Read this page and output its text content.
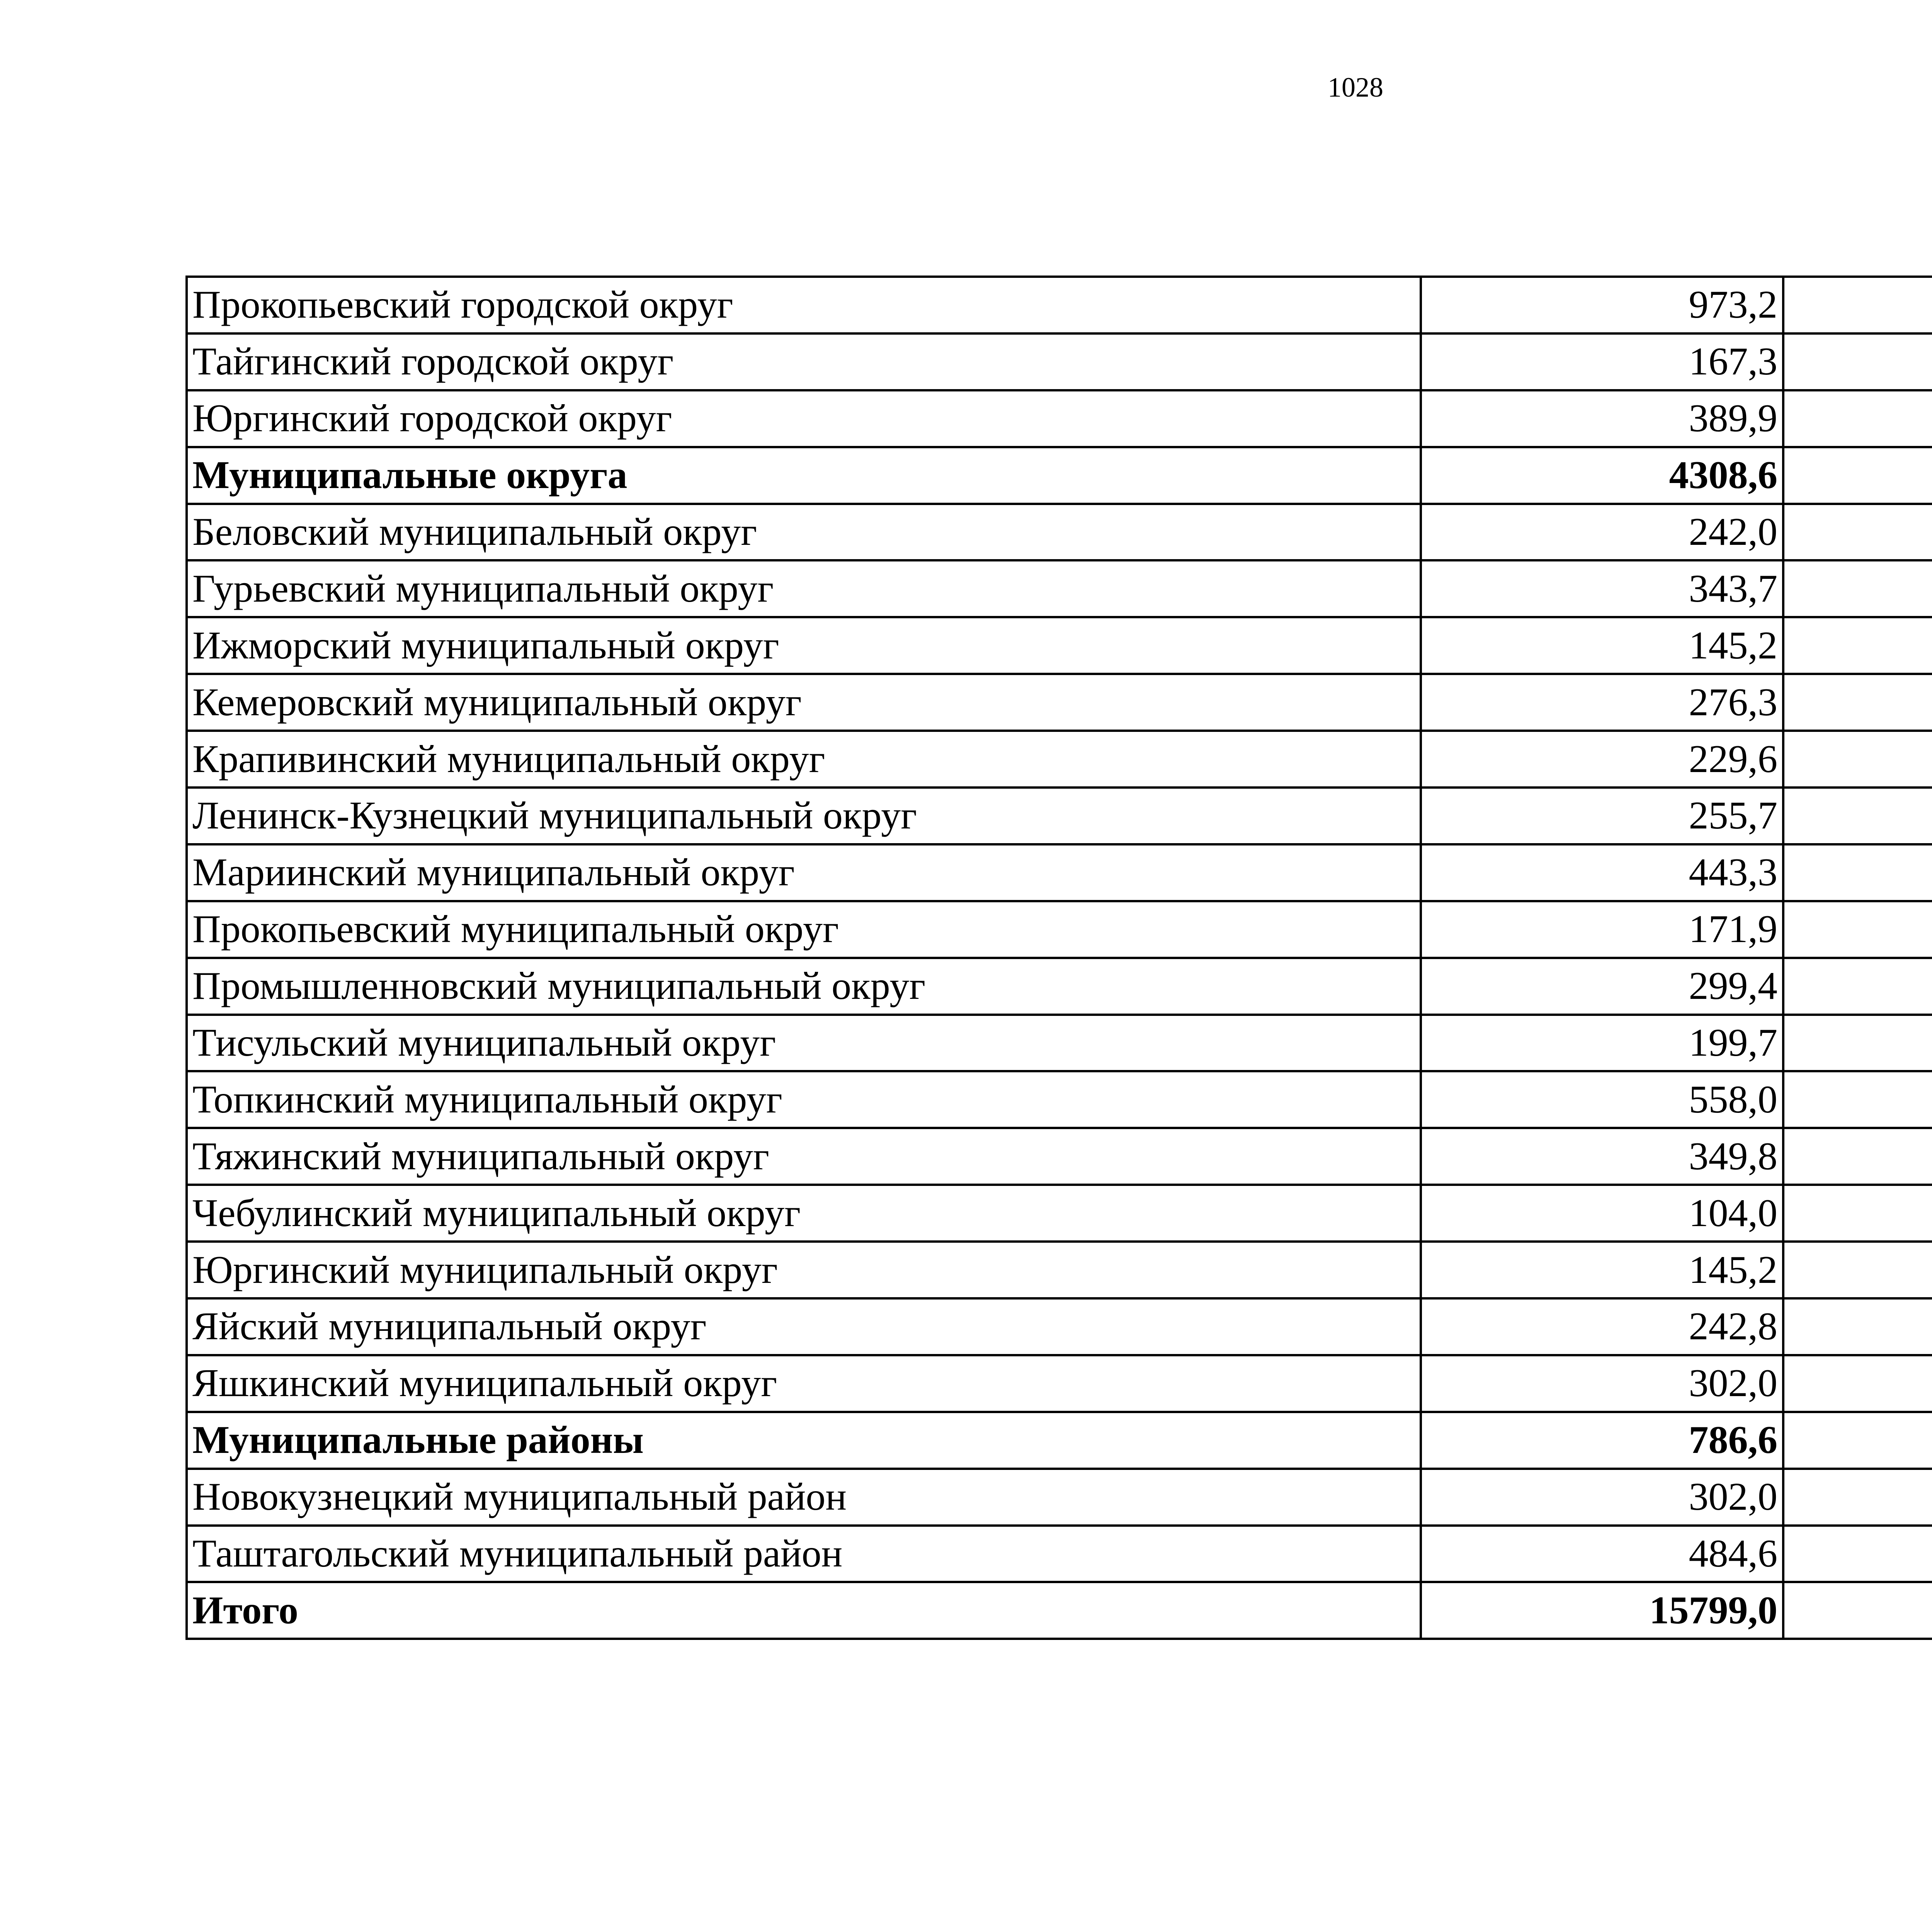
1028
Прокопьевский городской округ	973,2		
Тайгинский городской округ	167,3		
Юргинский городской округ	389,9		
Муниципальные округа	4308,6		
Беловский муниципальный округ	242,0		
Гурьевский муниципальный округ	343,7		
Ижморский муниципальный округ	145,2		
Кемеровский муниципальный округ	276,3		
Крапивинский муниципальный округ	229,6		
Ленинск-Кузнецкий муниципальный округ	255,7		
Мариинский муниципальный округ	443,3		
Прокопьевский муниципальный округ	171,9		
Промышленновский муниципальный округ	299,4		
Тисульский муниципальный округ	199,7		
Топкинский муниципальный округ	558,0		
Тяжинский муниципальный округ	349,8		
Чебулинский муниципальный округ	104,0		
Юргинский муниципальный округ	145,2		
Яйский муниципальный округ	242,8		
Яшкинский муниципальный округ	302,0		
Муниципальные районы	786,6		
Новокузнецкий муниципальный район	302,0		
Таштагольский муниципальный район	484,6		
Итого	15799,0		
